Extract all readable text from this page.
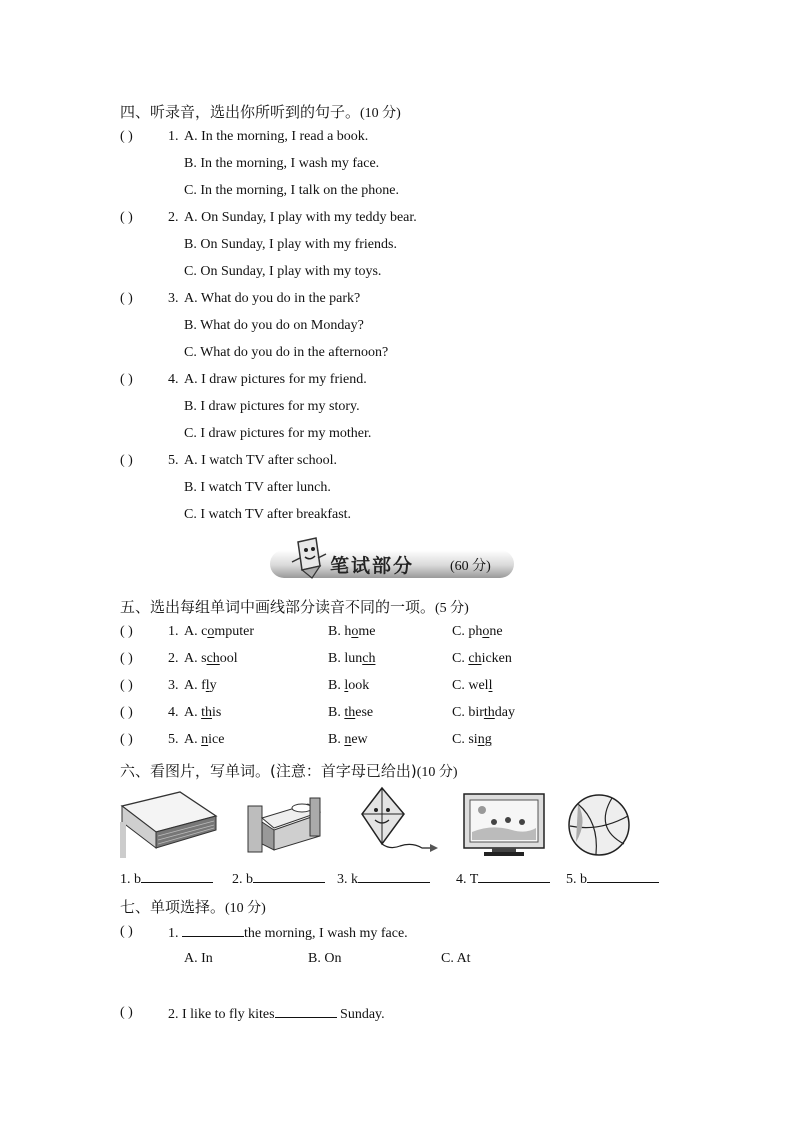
四、听录音，选出你所听到的句子。(10 分)
( )	1. A. In the morning, I read a book.
B. In the morning, I wash my face.
C. In the morning, I talk on the phone.
( )	2. A. On Sunday, I play with my teddy bear.
B. On Sunday, I play with my friends.
C. On Sunday, I play with my toys.
( )	3. A. What do you do in the park?
B. What do you do on Monday?
C. What do you do in the afternoon?
( )	4. A. I draw pictures for my friend.
B. I draw pictures for my story.
C. I draw pictures for my mother.
( )	5. A. I watch TV after school.
B. I watch TV after lunch.
C. I watch TV after breakfast.
笔试部分	(60 分)
五、选出每组单词中画线部分读音不同的一项。(5 分)
( )	1. A. computer	B. home	C. phone
( )	2. A. school	B. lunch	C. chicken
( )	3. A. fly	B. look	C. well
( )	4. A. this	B. these	C. birthday
( )	5. A. nice	B. new	C. sing
六、看图片，写单词。(注意：首字母已给出)(10 分)
1. b	2. b	3. k	4. T	5. b
七、单项选择。(10 分)
( )	1.	the morning, I wash my face.
A. In	B. On	C. At
( )	2. I like to fly kites	Sunday.
